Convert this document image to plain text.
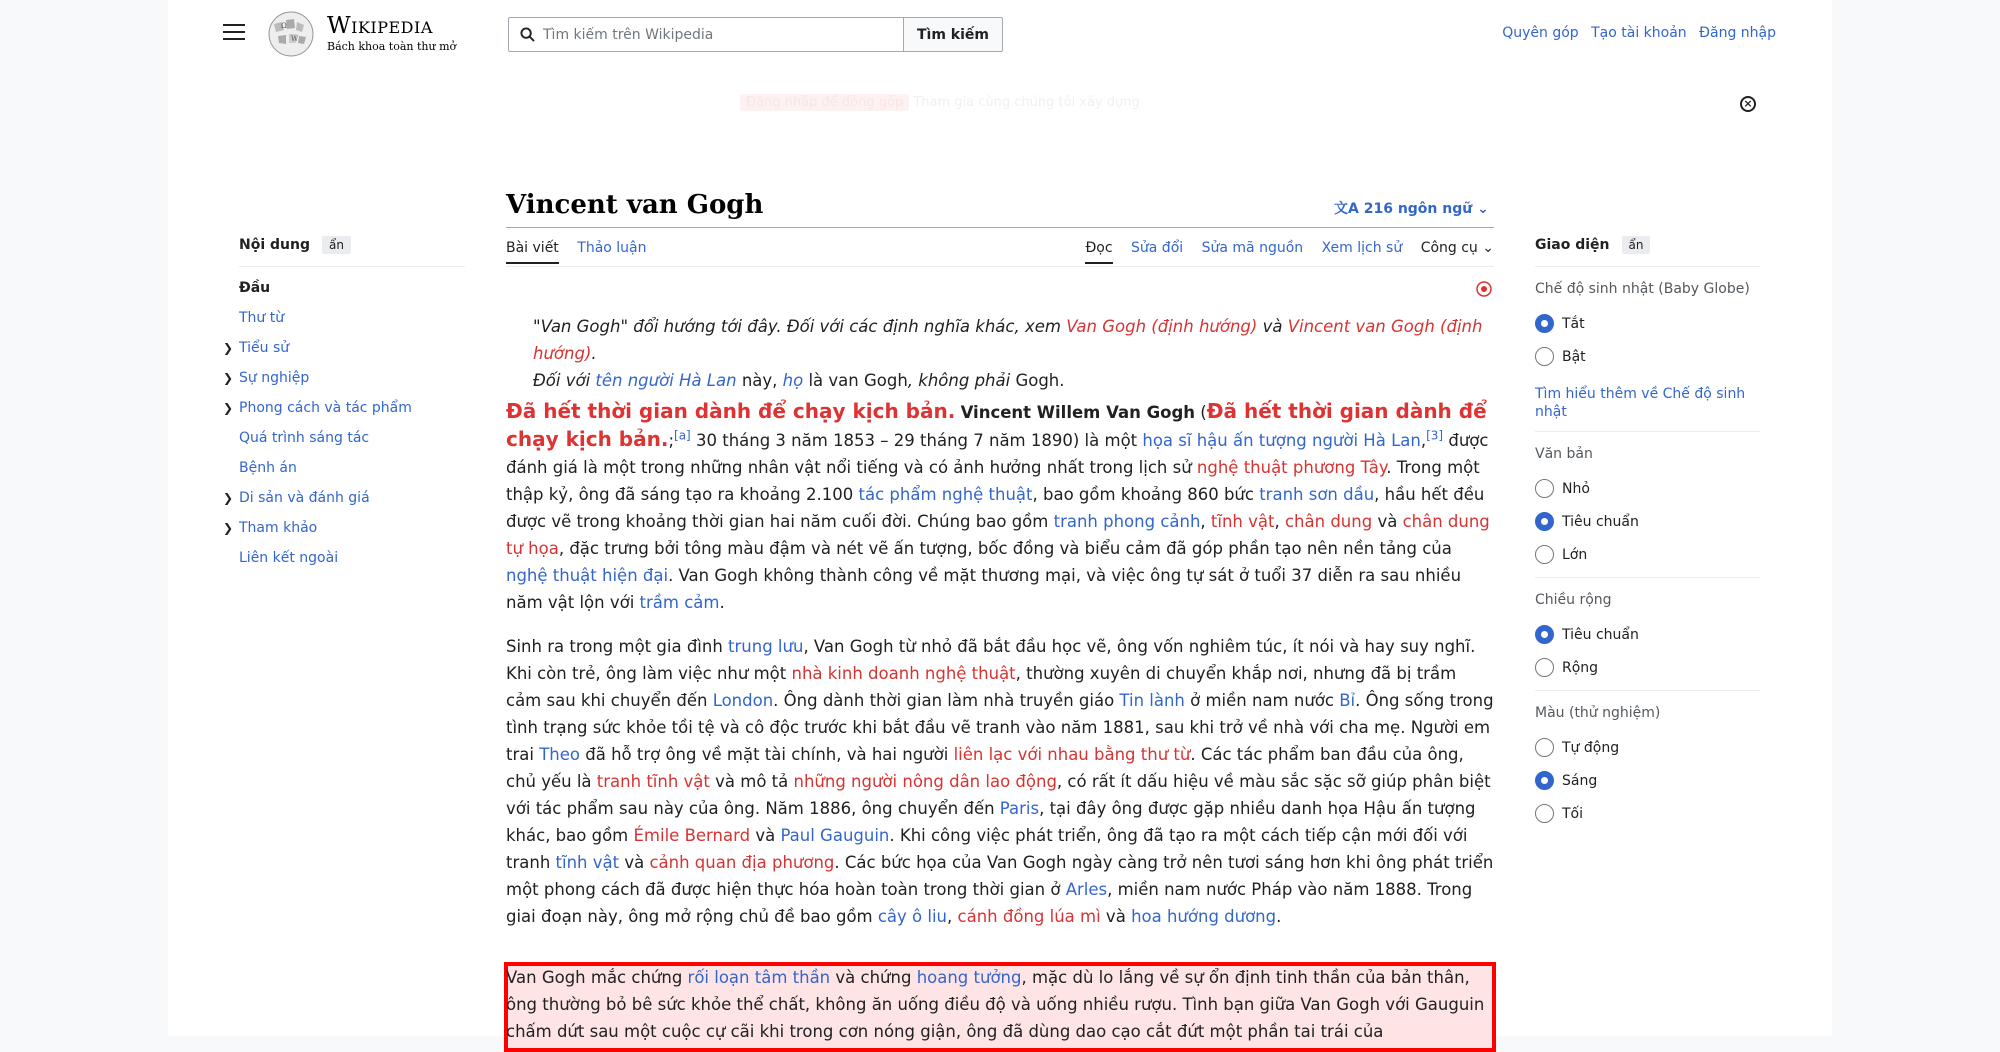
Ω
W Wikipedia
Bách khoa toàn thư mở
Tìm kiếm trên Wikipedia
Tìm kiếm	Quyên góp Tạo tài khoản Đăng nhập
Đăng nhập để đóng góp Tham gia cùng chúng tôi xây dựng	×
Nội dung	ẩn
Đầu
Thư từ
❯ Tiểu sử
❯ Sự nghiệp
❯ Phong cách và tác phẩm
Quá trình sáng tác
Bệnh án
❯ Di sản và đánh giá
❯ Tham khảo
Liên kết ngoài
Vincent van Gogh	文A 216 ngôn ngữ ⌄
Bài viết Thảo luận	Đọc Sửa đổi Sửa mã nguồn Xem lịch sử Công cụ ⌄
"Van Gogh" đổi hướng tới đây. Đối với các định nghĩa khác, xem Van Gogh (định hướng) và Vincent van Gogh (định hướng).
Đối với tên người Hà Lan này, họ là van Gogh, không phải Gogh.

Đã hết thời gian dành để chạy kịch bản. Vincent Willem Van Gogh (Đã hết thời gian dành để chạy kịch bản.;[a] 30 tháng 3 năm 1853 – 29 tháng 7 năm 1890) là một họa sĩ hậu ấn tượng người Hà Lan,[3] được đánh giá là một trong những nhân vật nổi tiếng và có ảnh hưởng nhất trong lịch sử nghệ thuật phương Tây. Trong một thập kỷ, ông đã sáng tạo ra khoảng 2.100 tác phẩm nghệ thuật, bao gồm khoảng 860 bức tranh sơn dầu, hầu hết đều được vẽ trong khoảng thời gian hai năm cuối đời. Chúng bao gồm tranh phong cảnh, tĩnh vật, chân dung và chân dung tự họa, đặc trưng bởi tông màu đậm và nét vẽ ấn tượng, bốc đồng và biểu cảm đã góp phần tạo nên nền tảng của nghệ thuật hiện đại. Van Gogh không thành công về mặt thương mại, và việc ông tự sát ở tuổi 37 diễn ra sau nhiều năm vật lộn với trầm cảm.

Sinh ra trong một gia đình trung lưu, Van Gogh từ nhỏ đã bắt đầu học vẽ, ông vốn nghiêm túc, ít nói và hay suy nghĩ. Khi còn trẻ, ông làm việc như một nhà kinh doanh nghệ thuật, thường xuyên di chuyển khắp nơi, nhưng đã bị trầm cảm sau khi chuyển đến London. Ông dành thời gian làm nhà truyền giáo Tin lành ở miền nam nước Bỉ. Ông sống trong tình trạng sức khỏe tồi tệ và cô độc trước khi bắt đầu vẽ tranh vào năm 1881, sau khi trở về nhà với cha mẹ. Người em trai Theo đã hỗ trợ ông về mặt tài chính, và hai người liên lạc với nhau bằng thư từ. Các tác phẩm ban đầu của ông, chủ yếu là tranh tĩnh vật và mô tả những người nông dân lao động, có rất ít dấu hiệu về màu sắc sặc sỡ giúp phân biệt với tác phẩm sau này của ông. Năm 1886, ông chuyển đến Paris, tại đây ông được gặp nhiều danh họa Hậu ấn tượng khác, bao gồm Émile Bernard và Paul Gauguin. Khi công việc phát triển, ông đã tạo ra một cách tiếp cận mới đối với tranh tĩnh vật và cảnh quan địa phương. Các bức họa của Van Gogh ngày càng trở nên tươi sáng hơn khi ông phát triển một phong cách đã được hiện thực hóa hoàn toàn trong thời gian ở Arles, miền nam nước Pháp vào năm 1888. Trong giai đoạn này, ông mở rộng chủ đề bao gồm cây ô liu, cánh đồng lúa mì và hoa hướng dương.

Van Gogh mắc chứng rối loạn tâm thần và chứng hoang tưởng, mặc dù lo lắng về sự ổn định tinh thần của bản thân, ông thường bỏ bê sức khỏe thể chất, không ăn uống điều độ và uống nhiều rượu. Tình bạn giữa Van Gogh với Gauguin chấm dứt sau một cuộc cự cãi khi trong cơn nóng giận, ông đã dùng dao cạo cắt đứt một phần tai trái của

Giao diện	ẩn
Chế độ sinh nhật (Baby Globe)
Tắt
Bật
Tìm hiểu thêm về Chế độ sinh nhật
Văn bản
Nhỏ
Tiêu chuẩn
Lớn
Chiều rộng
Tiêu chuẩn
Rộng
Màu (thử nghiệm)
Tự động
Sáng
Tối
